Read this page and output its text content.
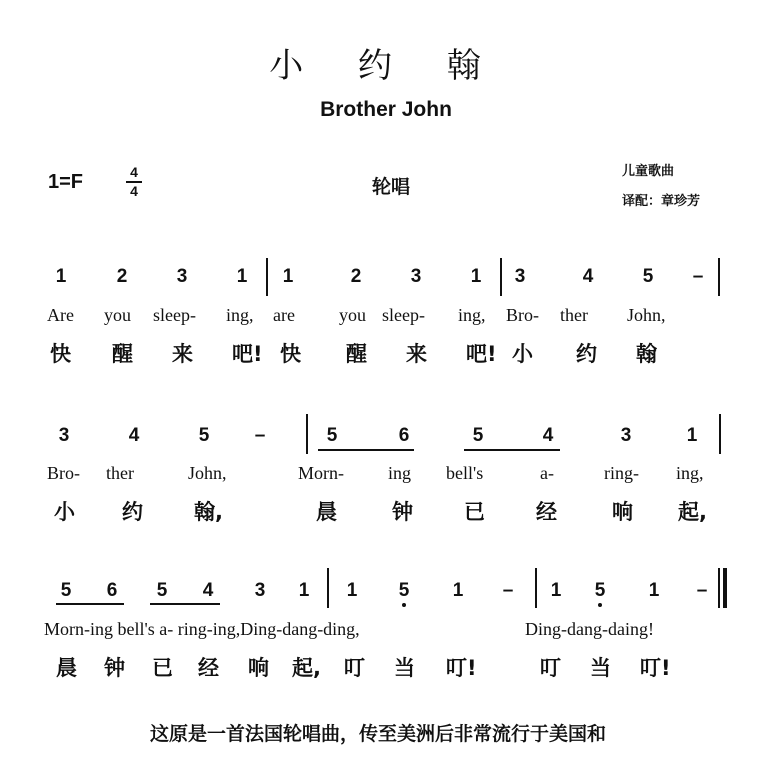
小 约 翰
Brother John
1=F	4
4	轮唱
儿童歌曲
译配：章珍芳
1	2	3	1 1	2	3	1 3	4	5 –
Are you sleep- ing, are you sleep- ing, Bro- ther John,
快 醒 来 吧! 快 醒 来 吧! 小 约 翰
3	4	5 –	5	6	5	4	3	1
Bro- ther	John,	Morn- ing bell's	a-	ring- ing,
小 约 翰,	晨	钟 已 经	响 起,
5 6 5 4 3 1 1 5 1 – 1 5 1 –
Morn-ing bell's a- ring-ing,Ding-dang-ding,	Ding-dang-daing!
晨 钟 已 经 响 起, 叮 当 叮!	叮 当 叮!
这原是一首法国轮唱曲，传至美洲后非常流行于美国和
